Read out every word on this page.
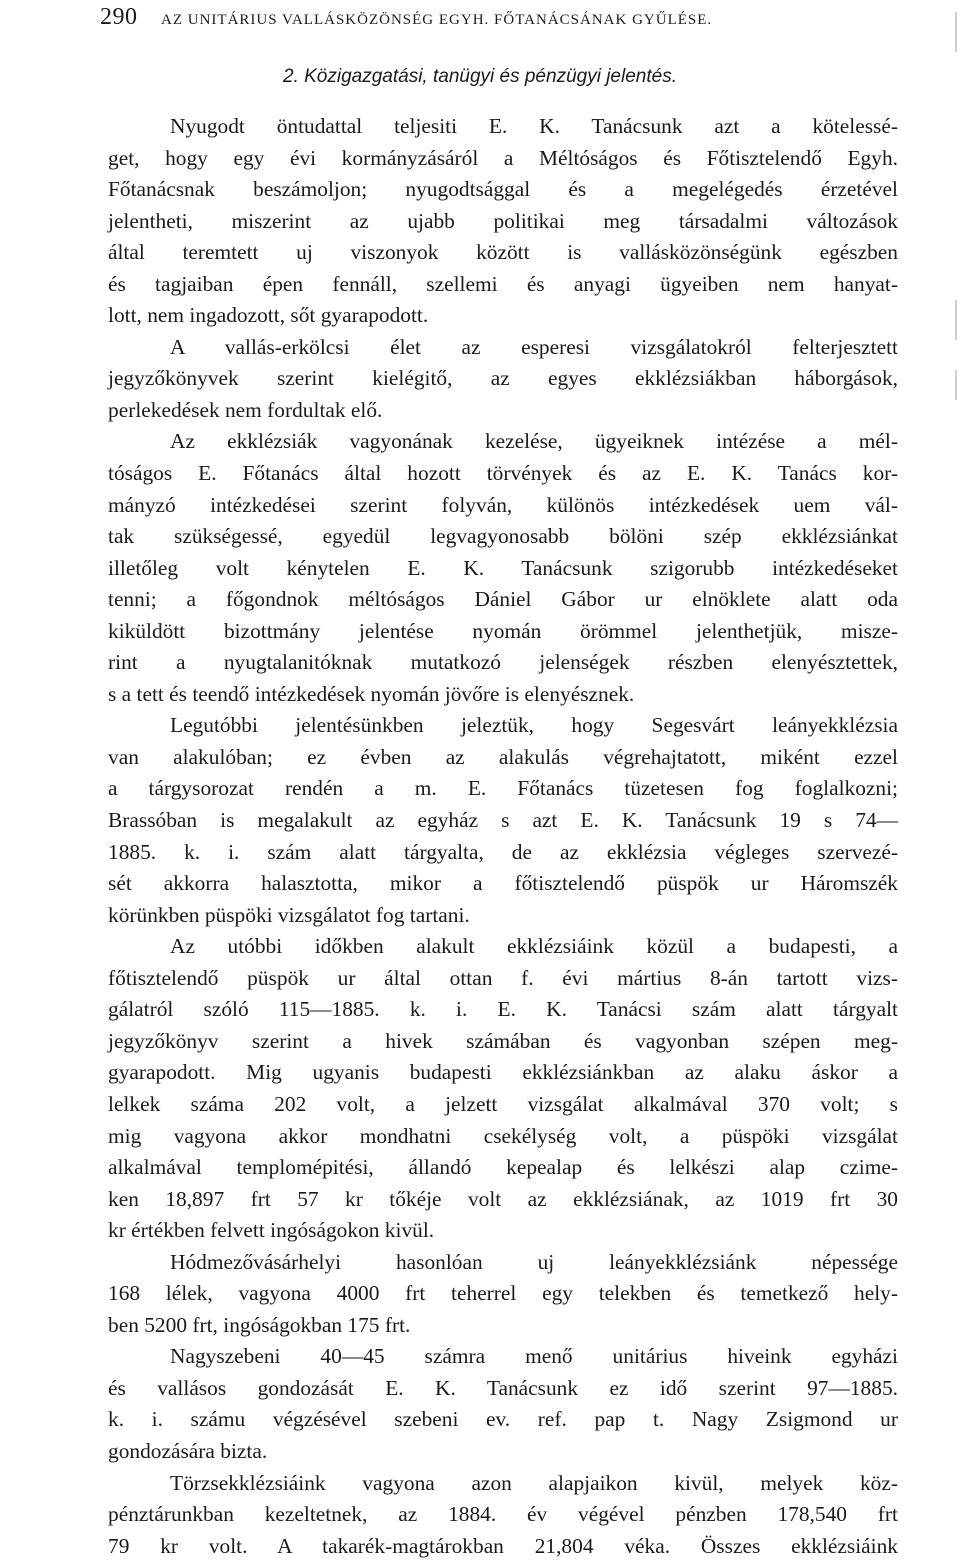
290 AZ UNITÁRIUS VALLÁSKÖZÖNSÉG EGYH. FŐTANÁCSÁNAK GYŰLÉSE.
2. Közigazgatási, tanügyi és pénzügyi jelentés.
Nyugodt öntudattal teljesiti E. K. Tanácsunk azt a kötelessé-
get, hogy egy évi kormányzásáról a Méltóságos és Főtisztelendő Egyh.
Főtanácsnak beszámoljon; nyugodtsággal és a megelégedés érzetével
jelentheti, miszerint az ujabb politikai meg társadalmi változások
által teremtett uj viszonyok között is vallásközönségünk egészben
és tagjaiban épen fennáll, szellemi és anyagi ügyeiben nem hanyat-
lott, nem ingadozott, sőt gyarapodott.
A vallás-erkölcsi élet az esperesi vizsgálatokról felterjesztett
jegyzőkönyvek szerint kielégitő, az egyes ekklézsiákban háborgások,
perlekedések nem fordultak elő.
Az ekklézsiák vagyonának kezelése, ügyeiknek intézése a mél-
tóságos E. Főtanács által hozott törvények és az E. K. Tanács kor-
mányzó intézkedései szerint folyván, különös intézkedések uem vál-
tak szükségessé, egyedül legvagyonosabb bölöni szép ekklézsiánkat
illetőleg volt kénytelen E. K. Tanácsunk szigorubb intézkedéseket
tenni; a főgondnok méltóságos Dániel Gábor ur elnöklete alatt oda
kiküldött bizottmány jelentése nyomán örömmel jelenthetjük, misze-
rint a nyugtalanitóknak mutatkozó jelenségek részben elenyésztettek,
s a tett és teendő intézkedések nyomán jövőre is elenyésznek.
Legutóbbi jelentésünkben jeleztük, hogy Segesvárt leányekklézsia
van alakulóban; ez évben az alakulás végrehajtatott, miként ezzel
a tárgysorozat rendén a m. E. Főtanács tüzetesen fog foglalkozni;
Brassóban is megalakult az egyház s azt E. K. Tanácsunk 19 s 74—
1885. k. i. szám alatt tárgyalta, de az ekklézsia végleges szervezé-
sét akkorra halasztotta, mikor a főtisztelendő püspök ur Háromszék
körünkben püspöki vizsgálatot fog tartani.
Az utóbbi időkben alakult ekklézsiáink közül a budapesti, a
főtisztelendő püspök ur által ottan f. évi mártius 8-án tartott vizs-
gálatról szóló 115—1885. k. i. E. K. Tanácsi szám alatt tárgyalt
jegyzőkönyv szerint a hivek számában és vagyonban szépen meg-
gyarapodott. Mig ugyanis budapesti ekklézsiánkban az alaku áskor a
lelkek száma 202 volt, a jelzett vizsgálat alkalmával 370 volt; s
mig vagyona akkor mondhatni csekélység volt, a püspöki vizsgálat
alkalmával templomépitési, állandó kepealap és lelkészi alap czime-
ken 18,897 frt 57 kr tőkéje volt az ekklézsiának, az 1019 frt 30
kr értékben felvett ingóságokon kivül.
Hódmezővásárhelyi hasonlóan uj leányekklézsiánk népessége
168 lélek, vagyona 4000 frt teherrel egy telekben és temetkező hely-
ben 5200 frt, ingóságokban 175 frt.
Nagyszebeni 40—45 számra menő unitárius hiveink egyházi
és vallásos gondozását E. K. Tanácsunk ez idő szerint 97—1885.
k. i. számu végzésével szebeni ev. ref. pap t. Nagy Zsigmond ur
gondozására bizta.
Törzsekklézsiáink vagyona azon alapjaikon kivül, melyek köz-
pénztárunkban kezeltetnek, az 1884. év végével pénzben 178,540 frt
79 kr volt. A takarék-magtárokban 21,804 véka. Összes ekklézsiáink
